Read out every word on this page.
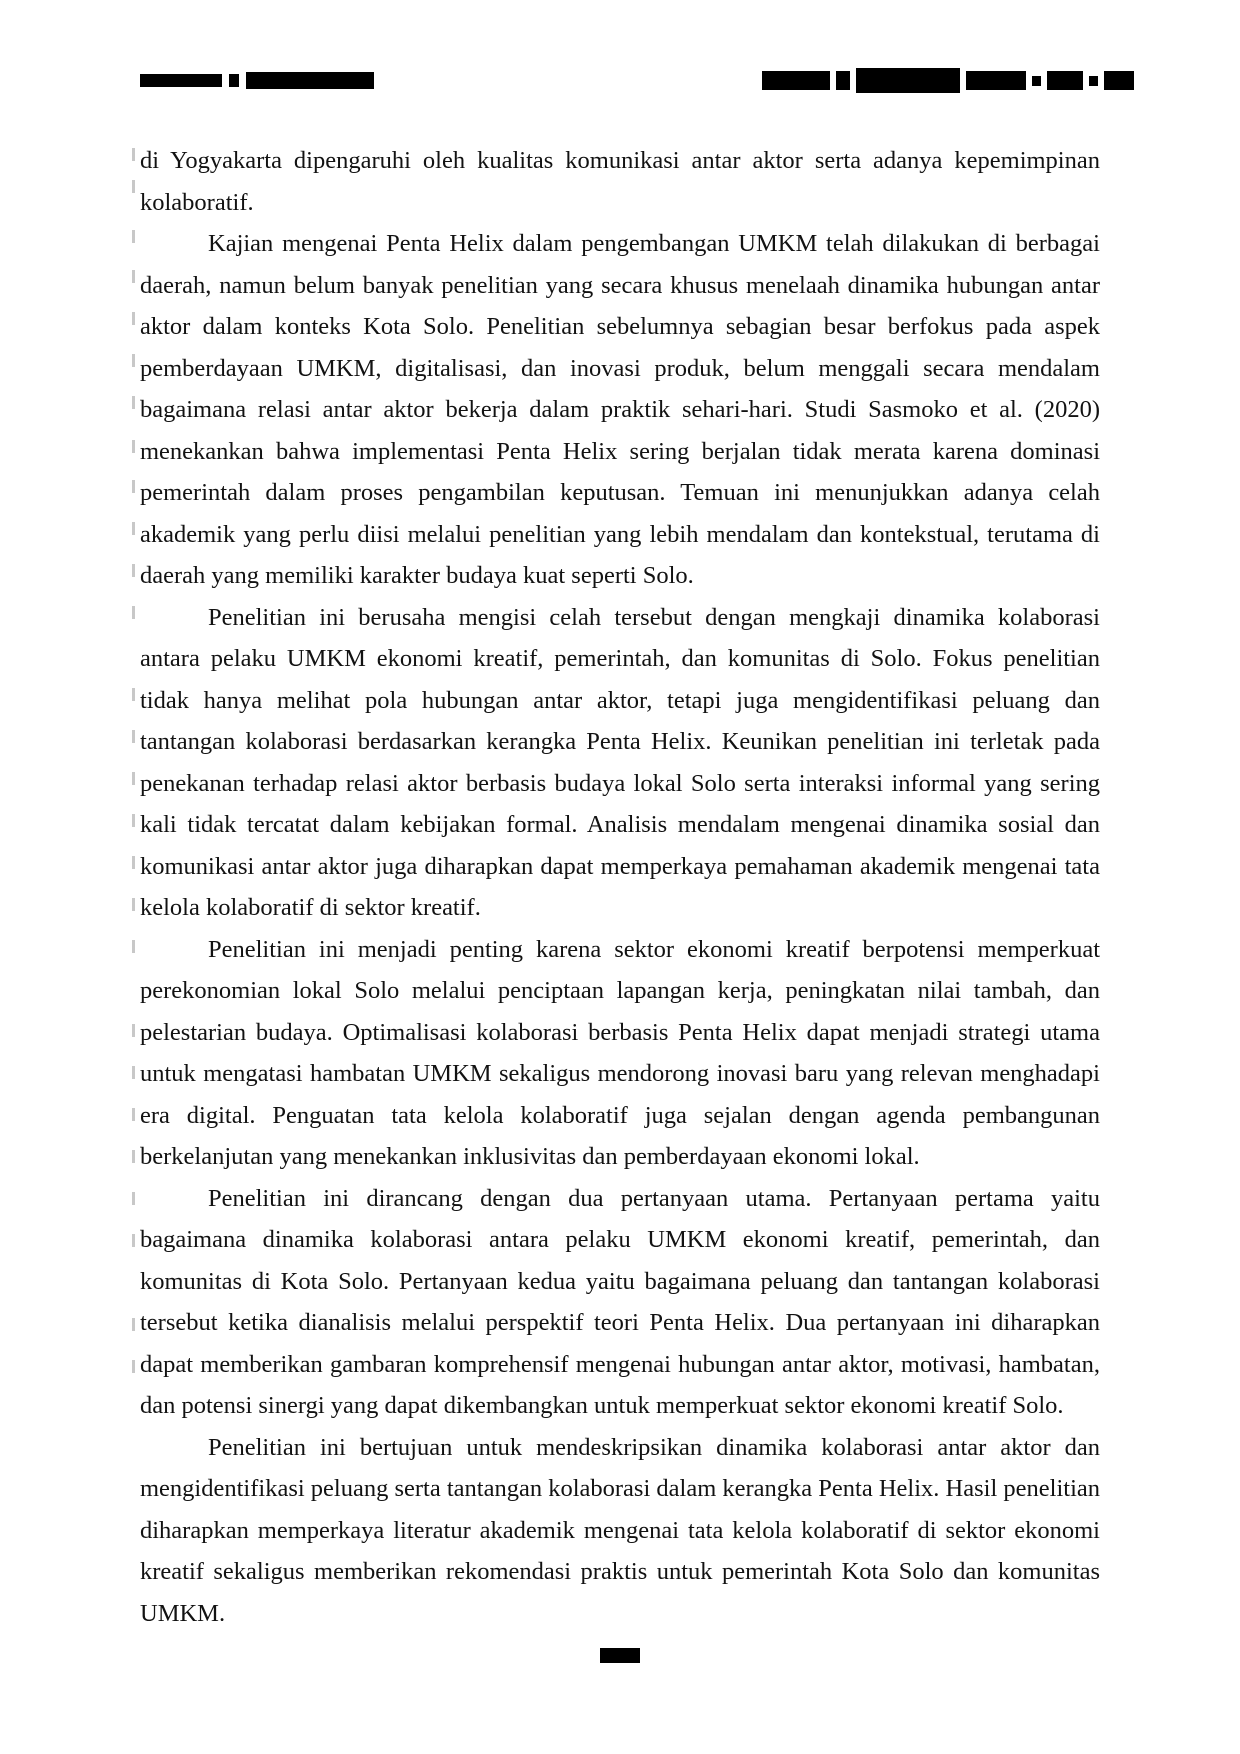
di Yogyakarta dipengaruhi oleh kualitas komunikasi antar aktor serta adanya kepemimpinan kolaboratif.

Kajian mengenai Penta Helix dalam pengembangan UMKM telah dilakukan di berbagai daerah, namun belum banyak penelitian yang secara khusus menelaah dinamika hubungan antar aktor dalam konteks Kota Solo. Penelitian sebelumnya sebagian besar berfokus pada aspek pemberdayaan UMKM, digitalisasi, dan inovasi produk, belum menggali secara mendalam bagaimana relasi antar aktor bekerja dalam praktik sehari-hari. Studi Sasmoko et al. (2020) menekankan bahwa implementasi Penta Helix sering berjalan tidak merata karena dominasi pemerintah dalam proses pengambilan keputusan. Temuan ini menunjukkan adanya celah akademik yang perlu diisi melalui penelitian yang lebih mendalam dan kontekstual, terutama di daerah yang memiliki karakter budaya kuat seperti Solo.

Penelitian ini berusaha mengisi celah tersebut dengan mengkaji dinamika kolaborasi antara pelaku UMKM ekonomi kreatif, pemerintah, dan komunitas di Solo. Fokus penelitian tidak hanya melihat pola hubungan antar aktor, tetapi juga mengidentifikasi peluang dan tantangan kolaborasi berdasarkan kerangka Penta Helix. Keunikan penelitian ini terletak pada penekanan terhadap relasi aktor berbasis budaya lokal Solo serta interaksi informal yang sering kali tidak tercatat dalam kebijakan formal. Analisis mendalam mengenai dinamika sosial dan komunikasi antar aktor juga diharapkan dapat memperkaya pemahaman akademik mengenai tata kelola kolaboratif di sektor kreatif.

Penelitian ini menjadi penting karena sektor ekonomi kreatif berpotensi memperkuat perekonomian lokal Solo melalui penciptaan lapangan kerja, peningkatan nilai tambah, dan pelestarian budaya. Optimalisasi kolaborasi berbasis Penta Helix dapat menjadi strategi utama untuk mengatasi hambatan UMKM sekaligus mendorong inovasi baru yang relevan menghadapi era digital. Penguatan tata kelola kolaboratif juga sejalan dengan agenda pembangunan berkelanjutan yang menekankan inklusivitas dan pemberdayaan ekonomi lokal.

Penelitian ini dirancang dengan dua pertanyaan utama. Pertanyaan pertama yaitu bagaimana dinamika kolaborasi antara pelaku UMKM ekonomi kreatif, pemerintah, dan komunitas di Kota Solo. Pertanyaan kedua yaitu bagaimana peluang dan tantangan kolaborasi tersebut ketika dianalisis melalui perspektif teori Penta Helix. Dua pertanyaan ini diharapkan dapat memberikan gambaran komprehensif mengenai hubungan antar aktor, motivasi, hambatan, dan potensi sinergi yang dapat dikembangkan untuk memperkuat sektor ekonomi kreatif Solo.

Penelitian ini bertujuan untuk mendeskripsikan dinamika kolaborasi antar aktor dan mengidentifikasi peluang serta tantangan kolaborasi dalam kerangka Penta Helix. Hasil penelitian diharapkan memperkaya literatur akademik mengenai tata kelola kolaboratif di sektor ekonomi kreatif sekaligus memberikan rekomendasi praktis untuk pemerintah Kota Solo dan komunitas UMKM.
